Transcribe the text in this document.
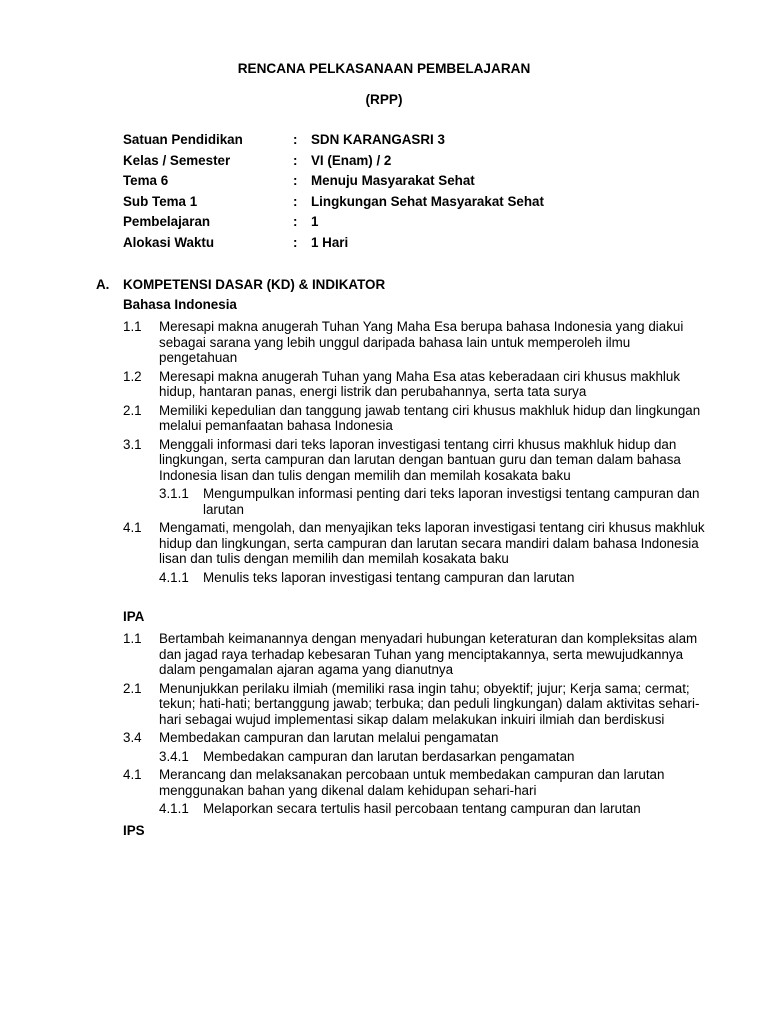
RENCANA PELKASANAAN PEMBELAJARAN
(RPP)
Satuan Pendidikan	:	SDN KARANGASRI 3
Kelas / Semester	:	VI (Enam) / 2
Tema 6	:	Menuju Masyarakat Sehat
Sub Tema 1	:	Lingkungan Sehat Masyarakat Sehat
Pembelajaran	:	1
Alokasi Waktu	:	1 Hari
A.	KOMPETENSI DASAR (KD) & INDIKATOR
Bahasa Indonesia
1.1	Meresapi makna anugerah Tuhan Yang Maha Esa berupa bahasa Indonesia yang diakui sebagai sarana yang lebih unggul daripada bahasa lain untuk memperoleh ilmu pengetahuan
1.2	Meresapi makna anugerah Tuhan yang Maha Esa atas keberadaan ciri khusus makhluk hidup, hantaran panas, energi listrik dan perubahannya, serta tata surya
2.1	Memiliki kepedulian dan tanggung jawab tentang ciri khusus makhluk hidup dan lingkungan melalui pemanfaatan bahasa Indonesia
3.1	Menggali informasi dari teks laporan investigasi tentang cirri khusus makhluk hidup dan lingkungan, serta campuran dan larutan dengan bantuan guru dan teman dalam bahasa Indonesia lisan dan tulis dengan memilih dan memilah kosakata baku
3.1.1	Mengumpulkan informasi penting dari teks laporan investigsi tentang campuran dan larutan
4.1	Mengamati, mengolah, dan menyajikan teks laporan investigasi tentang ciri khusus makhluk hidup dan lingkungan, serta campuran dan larutan secara mandiri dalam bahasa Indonesia lisan dan tulis dengan memilih dan memilah kosakata baku
4.1.1	Menulis teks laporan investigasi tentang campuran dan larutan
IPA
1.1	Bertambah keimanannya dengan menyadari hubungan keteraturan dan kompleksitas alam dan jagad raya terhadap kebesaran Tuhan yang menciptakannya, serta mewujudkannya dalam pengamalan ajaran agama yang dianutnya
2.1	Menunjukkan perilaku ilmiah (memiliki rasa ingin tahu; obyektif; jujur; Kerja sama; cermat; tekun; hati-hati; bertanggung jawab; terbuka; dan peduli lingkungan) dalam aktivitas sehari-hari sebagai wujud implementasi sikap dalam melakukan inkuiri ilmiah dan berdiskusi
3.4	Membedakan campuran dan larutan melalui pengamatan
3.4.1	Membedakan campuran dan larutan berdasarkan pengamatan
4.1	Merancang dan melaksanakan percobaan untuk membedakan campuran dan larutan menggunakan bahan yang dikenal dalam kehidupan sehari-hari
4.1.1	Melaporkan secara tertulis hasil percobaan tentang campuran dan larutan
IPS
